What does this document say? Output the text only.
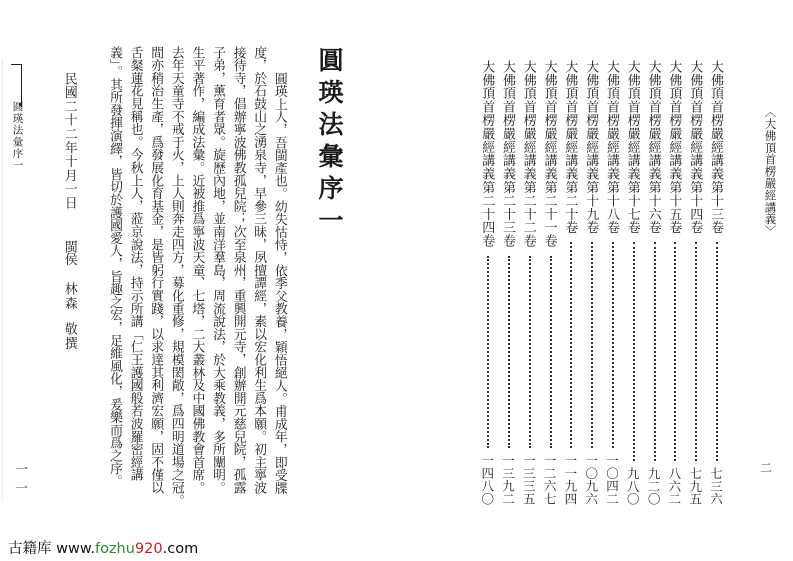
〈大佛頂首楞嚴經講義〉
大佛頂首楞嚴經講義第十三卷
七三六
大佛頂首楞嚴經講義第十四卷
七九五
大佛頂首楞嚴經講義第十五卷
八六二
大佛頂首楞嚴經講義第十六卷
九二〇
大佛頂首楞嚴經講義第十七卷
九八〇
大佛頂首楞嚴經講義第十八卷
一〇四二
大佛頂首楞嚴經講義第十九卷
一〇九六
大佛頂首楞嚴經講義第二十卷
一一九四
大佛頂首楞嚴經講義第二十一卷
一二六七
大佛頂首楞嚴經講義第二十二卷
一三三五
大佛頂首楞嚴經講義第二十三卷
一三九二
大佛頂首楞嚴經講義第二十四卷
一四八〇	二
圓瑛法彙序一
圓瑛上人，吾閩產也。幼失怙恃，依季父教養，穎悟絕人。甫成年，即受牒
度，於石鼓山之湧泉寺，早參三昧，夙擅譚經，素以宏化利生爲本願。初主寧波
接待寺，倡辦寧波佛教孤兒院；次至泉州，重興開元寺，創辦開元慈兒院，孤露
子弟，薰育者眾。旋歷內地，並南洋羣島，周流說法，於大乘教義，多所闡明。
生平著作，編成法彙。近被推爲寧波天童、七塔，二大叢林及中國佛教會首席。
去年天童寺不戒于火，上人則奔走四方，募化重修，規模閎敞，爲四明道場之冠。
間亦稍治生產，爲發展化育基金，是皆躬行實踐，以求達其利濟宏願，固不僅以
舌粲蓮花見稱也。今秋上人，蒞京說法，持示所講「仁王護國般若波羅密經講
義」。其所發揮演繹，皆切於護國愛人，旨趣之宏，足維風化，爰樂而爲之序。
民國二十二年十月一日
閩侯
林森
敬撰
圓瑛法彙序一
一一
古籍库 www.fozhu920.com
